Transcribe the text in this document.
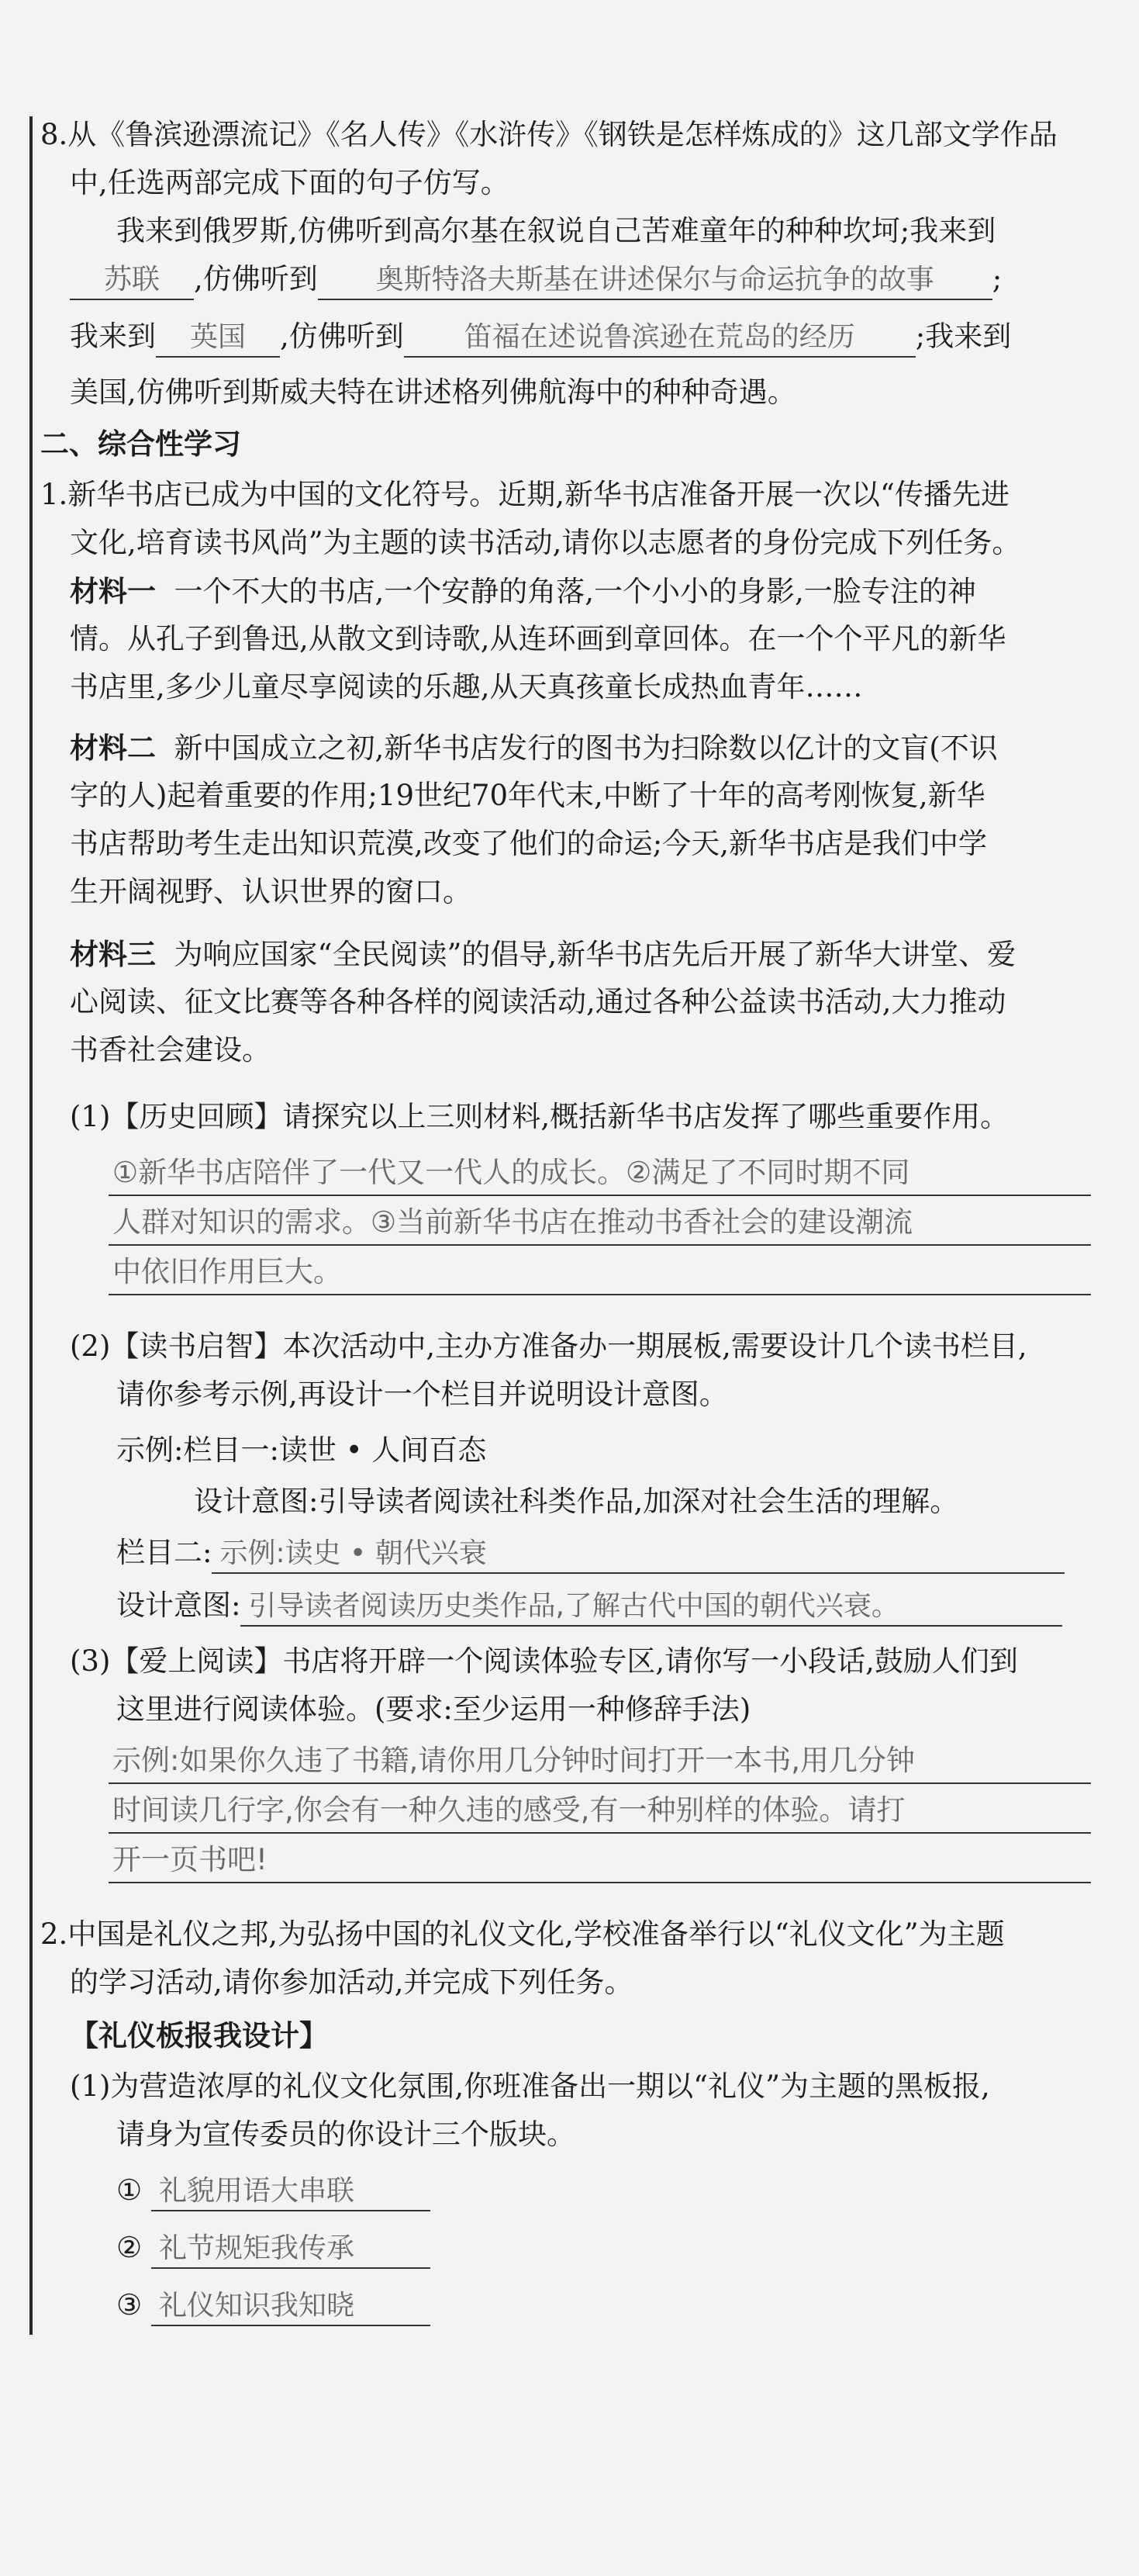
8.从《鲁滨逊漂流记》《名人传》《水浒传》《钢铁是怎样炼成的》这几部文学作品
中,任选两部完成下面的句子仿写。
我来到俄罗斯,仿佛听到高尔基在叙说自己苦难童年的种种坎坷;我来到
苏联 ,仿佛听到 奥斯特洛夫斯基在讲述保尔与命运抗争的故事 ;
我来到 英国 ,仿佛听到 笛福在述说鲁滨逊在荒岛的经历 ;我来到
美国,仿佛听到斯威夫特在讲述格列佛航海中的种种奇遇。
二、综合性学习
1.新华书店已成为中国的文化符号。近期,新华书店准备开展一次以“传播先进
文化,培育读书风尚”为主题的读书活动,请你以志愿者的身份完成下列任务。
材料一 一个不大的书店,一个安静的角落,一个小小的身影,一脸专注的神
情。从孔子到鲁迅,从散文到诗歌,从连环画到章回体。在一个个平凡的新华
书店里,多少儿童尽享阅读的乐趣,从天真孩童长成热血青年……
材料二 新中国成立之初,新华书店发行的图书为扫除数以亿计的文盲(不识
字的人)起着重要的作用;19世纪70年代末,中断了十年的高考刚恢复,新华
书店帮助考生走出知识荒漠,改变了他们的命运;今天,新华书店是我们中学
生开阔视野、认识世界的窗口。
材料三 为响应国家“全民阅读”的倡导,新华书店先后开展了新华大讲堂、爱
心阅读、征文比赛等各种各样的阅读活动,通过各种公益读书活动,大力推动
书香社会建设。
(1)【历史回顾】请探究以上三则材料,概括新华书店发挥了哪些重要作用。
①新华书店陪伴了一代又一代人的成长。②满足了不同时期不同
人群对知识的需求。③当前新华书店在推动书香社会的建设潮流
中依旧作用巨大。
(2)【读书启智】本次活动中,主办方准备办一期展板,需要设计几个读书栏目,
请你参考示例,再设计一个栏目并说明设计意图。
示例:栏目一:读世 • 人间百态
设计意图:引导读者阅读社科类作品,加深对社会生活的理解。
栏目二: 示例:读史 • 朝代兴衰
设计意图: 引导读者阅读历史类作品,了解古代中国的朝代兴衰。
(3)【爱上阅读】书店将开辟一个阅读体验专区,请你写一小段话,鼓励人们到
这里进行阅读体验。(要求:至少运用一种修辞手法)
示例:如果你久违了书籍,请你用几分钟时间打开一本书,用几分钟
时间读几行字,你会有一种久违的感受,有一种别样的体验。请打
开一页书吧!
2.中国是礼仪之邦,为弘扬中国的礼仪文化,学校准备举行以“礼仪文化”为主题
的学习活动,请你参加活动,并完成下列任务。
【礼仪板报我设计】
(1)为营造浓厚的礼仪文化氛围,你班准备出一期以“礼仪”为主题的黑板报,
请身为宣传委员的你设计三个版块。
① 礼貌用语大串联
② 礼节规矩我传承
③ 礼仪知识我知晓
